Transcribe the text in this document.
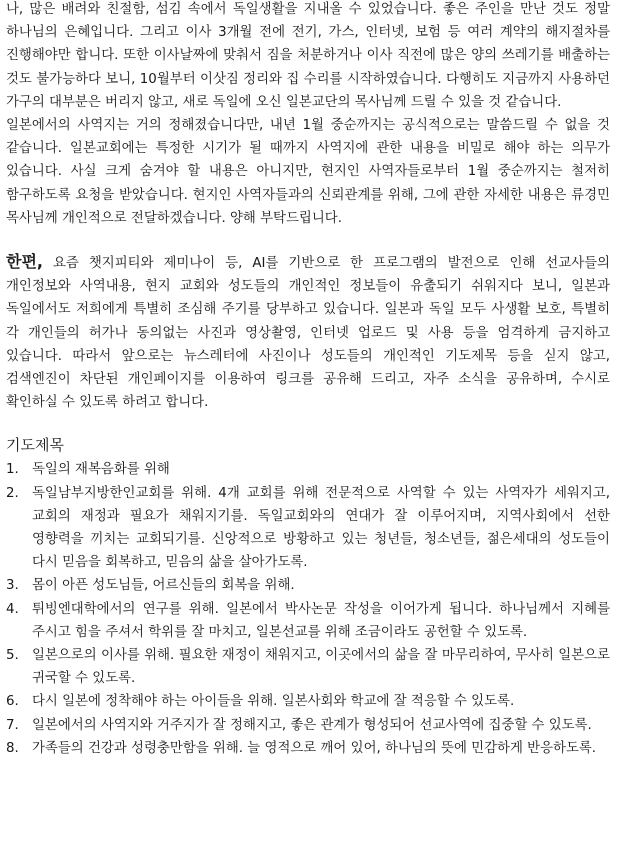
나, 많은 배려와 친절함, 섬김 속에서 독일생활을 지내올 수 있었습니다. 좋은 주인을 만난 것도 정말 하나님의 은혜입니다. 그리고 이사 3개월 전에 전기, 가스, 인터넷, 보험 등 여러 계약의 해지절차를 진행해야만 합니다. 또한 이사날짜에 맞춰서 짐을 처분하거나 이사 직전에 많은 양의 쓰레기를 배출하는 것도 불가능하다 보니, 10월부터 이삿짐 정리와 집 수리를 시작하였습니다. 다행히도 지금까지 사용하던 가구의 대부분은 버리지 않고, 새로 독일에 오신 일본교단의 목사님께 드릴 수 있을 것 같습니다.

일본에서의 사역지는 거의 정해졌습니다만, 내년 1월 중순까지는 공식적으로는 말씀드릴 수 없을 것 같습니다. 일본교회에는 특정한 시기가 될 때까지 사역지에 관한 내용을 비밀로 해야 하는 의무가 있습니다. 사실 크게 숨겨야 할 내용은 아니지만, 현지인 사역자들로부터 1월 중순까지는 철저히 함구하도록 요청을 받았습니다. 현지인 사역자들과의 신뢰관계를 위해, 그에 관한 자세한 내용은 류경민 목사님께 개인적으로 전달하겠습니다. 양해 부탁드립니다.

한편, 요즘 챗지피티와 제미나이 등, AI를 기반으로 한 프로그램의 발전으로 인해 선교사들의 개인정보와 사역내용, 현지 교회와 성도들의 개인적인 정보들이 유출되기 쉬워지다 보니, 일본과 독일에서도 저희에게 특별히 조심해 주기를 당부하고 있습니다. 일본과 독일 모두 사생활 보호, 특별히 각 개인들의 허가나 동의없는 사진과 영상촬영, 인터넷 업로드 및 사용 등을 엄격하게 금지하고 있습니다. 따라서 앞으로는 뉴스레터에 사진이나 성도들의 개인적인 기도제목 등을 싣지 않고, 검색엔진이 차단된 개인페이지를 이용하여 링크를 공유해 드리고, 자주 소식을 공유하며, 수시로 확인하실 수 있도록 하려고 합니다.

기도제목
1. 독일의 재복음화를 위해
2. 독일남부지방한인교회를 위해. 4개 교회를 위해 전문적으로 사역할 수 있는 사역자가 세워지고, 교회의 재정과 필요가 채워지기를. 독일교회와의 연대가 잘 이루어지며, 지역사회에서 선한 영향력을 끼치는 교회되기를. 신앙적으로 방황하고 있는 청년들, 청소년들, 젊은세대의 성도들이 다시 믿음을 회복하고, 믿음의 삶을 살아가도록.
3. 몸이 아픈 성도님들, 어르신들의 회복을 위해.
4. 튀빙엔대학에서의 연구를 위해. 일본에서 박사논문 작성을 이어가게 됩니다. 하나님께서 지혜를 주시고 힘을 주셔서 학위를 잘 마치고, 일본선교를 위해 조금이라도 공헌할 수 있도록.
5. 일본으로의 이사를 위해. 필요한 재정이 채워지고, 이곳에서의 삶을 잘 마무리하여, 무사히 일본으로 귀국할 수 있도록.
6. 다시 일본에 정착해야 하는 아이들을 위해. 일본사회와 학교에 잘 적응할 수 있도록.
7. 일본에서의 사역지와 거주지가 잘 정해지고, 좋은 관계가 형성되어 선교사역에 집중할 수 있도록.
8. 가족들의 건강과 성령충만함을 위해. 늘 영적으로 깨어 있어, 하나님의 뜻에 민감하게 반응하도록.
